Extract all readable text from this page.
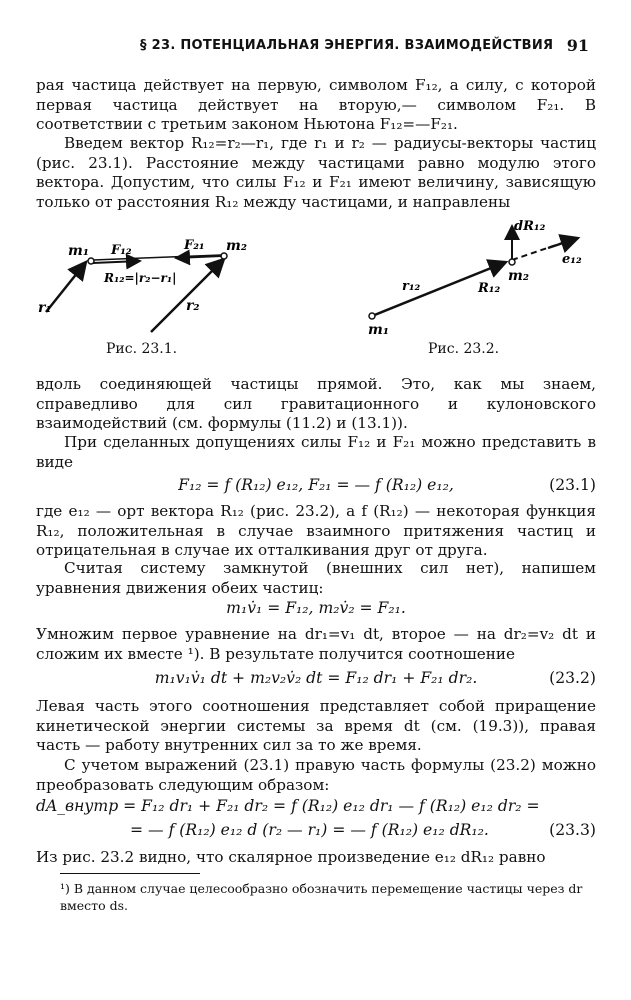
§ 23. ПОТЕНЦИАЛЬНАЯ ЭНЕРГИЯ. ВЗАИМОДЕЙСТВИЯ 91

рая частица действует на первую, символом F₁₂, а силу, с которой первая частица действует на вторую,— символом F₂₁. В соответствии с третьим законом Ньютона F₁₂=—F₂₁.

Введем вектор R₁₂=r₂—r₁, где r₁ и r₂ — радиусы-векторы частиц (рис. 23.1). Расстояние между частицами равно модулю этого вектора. Допустим, что силы F₁₂ и F₂₁ имеют величину, зависящую только от расстояния R₁₂ между частицами, и направлены

m₁	m₂
F₁₂	F₂₁
r₁	r₂
R₁₂=|r₂−r₁|
Рис. 23.1.
m₁
m₂
r₁₂	R₁₂
dR₁₂
e₁₂
Рис. 23.2.

вдоль соединяющей частицы прямой. Это, как мы знаем, справедливо для сил гравитационного и кулоновского взаимодействий (см. формулы (11.2) и (13.1)).

При сделанных допущениях силы F₁₂ и F₂₁ можно представить в виде

F₁₂ = f (R₁₂) e₁₂, F₂₁ = — f (R₁₂) e₁₂,	(23.1)

где e₁₂ — орт вектора R₁₂ (рис. 23.2), а f (R₁₂) — некоторая функция R₁₂, положительная в случае взаимного притяжения частиц и отрицательная в случае их отталкивания друг от друга.

Считая систему замкнутой (внешних сил нет), напишем уравнения движения обеих частиц:

m₁v̇₁ = F₁₂, m₂v̇₂ = F₂₁.

Умножим первое уравнение на dr₁=v₁ dt, второе — на dr₂=v₂ dt и сложим их вместе ¹). В результате получится соотношение

m₁v₁v̇₁ dt + m₂v₂v̇₂ dt = F₁₂ dr₁ + F₂₁ dr₂.	(23.2)

Левая часть этого соотношения представляет собой приращение кинетической энергии системы за время dt (см. (19.3)), правая часть — работу внутренних сил за то же время.

С учетом выражений (23.1) правую часть формулы (23.2) можно преобразовать следующим образом:

dA_внутр = F₁₂ dr₁ + F₂₁ dr₂ = f (R₁₂) e₁₂ dr₁ — f (R₁₂) e₁₂ dr₂ =
= — f (R₁₂) e₁₂ d (r₂ — r₁) = — f (R₁₂) e₁₂ dR₁₂.	(23.3)

Из рис. 23.2 видно, что скалярное произведение e₁₂ dR₁₂ равно

¹) В данном случае целесообразно обозначить перемещение частицы через dr вместо ds.
